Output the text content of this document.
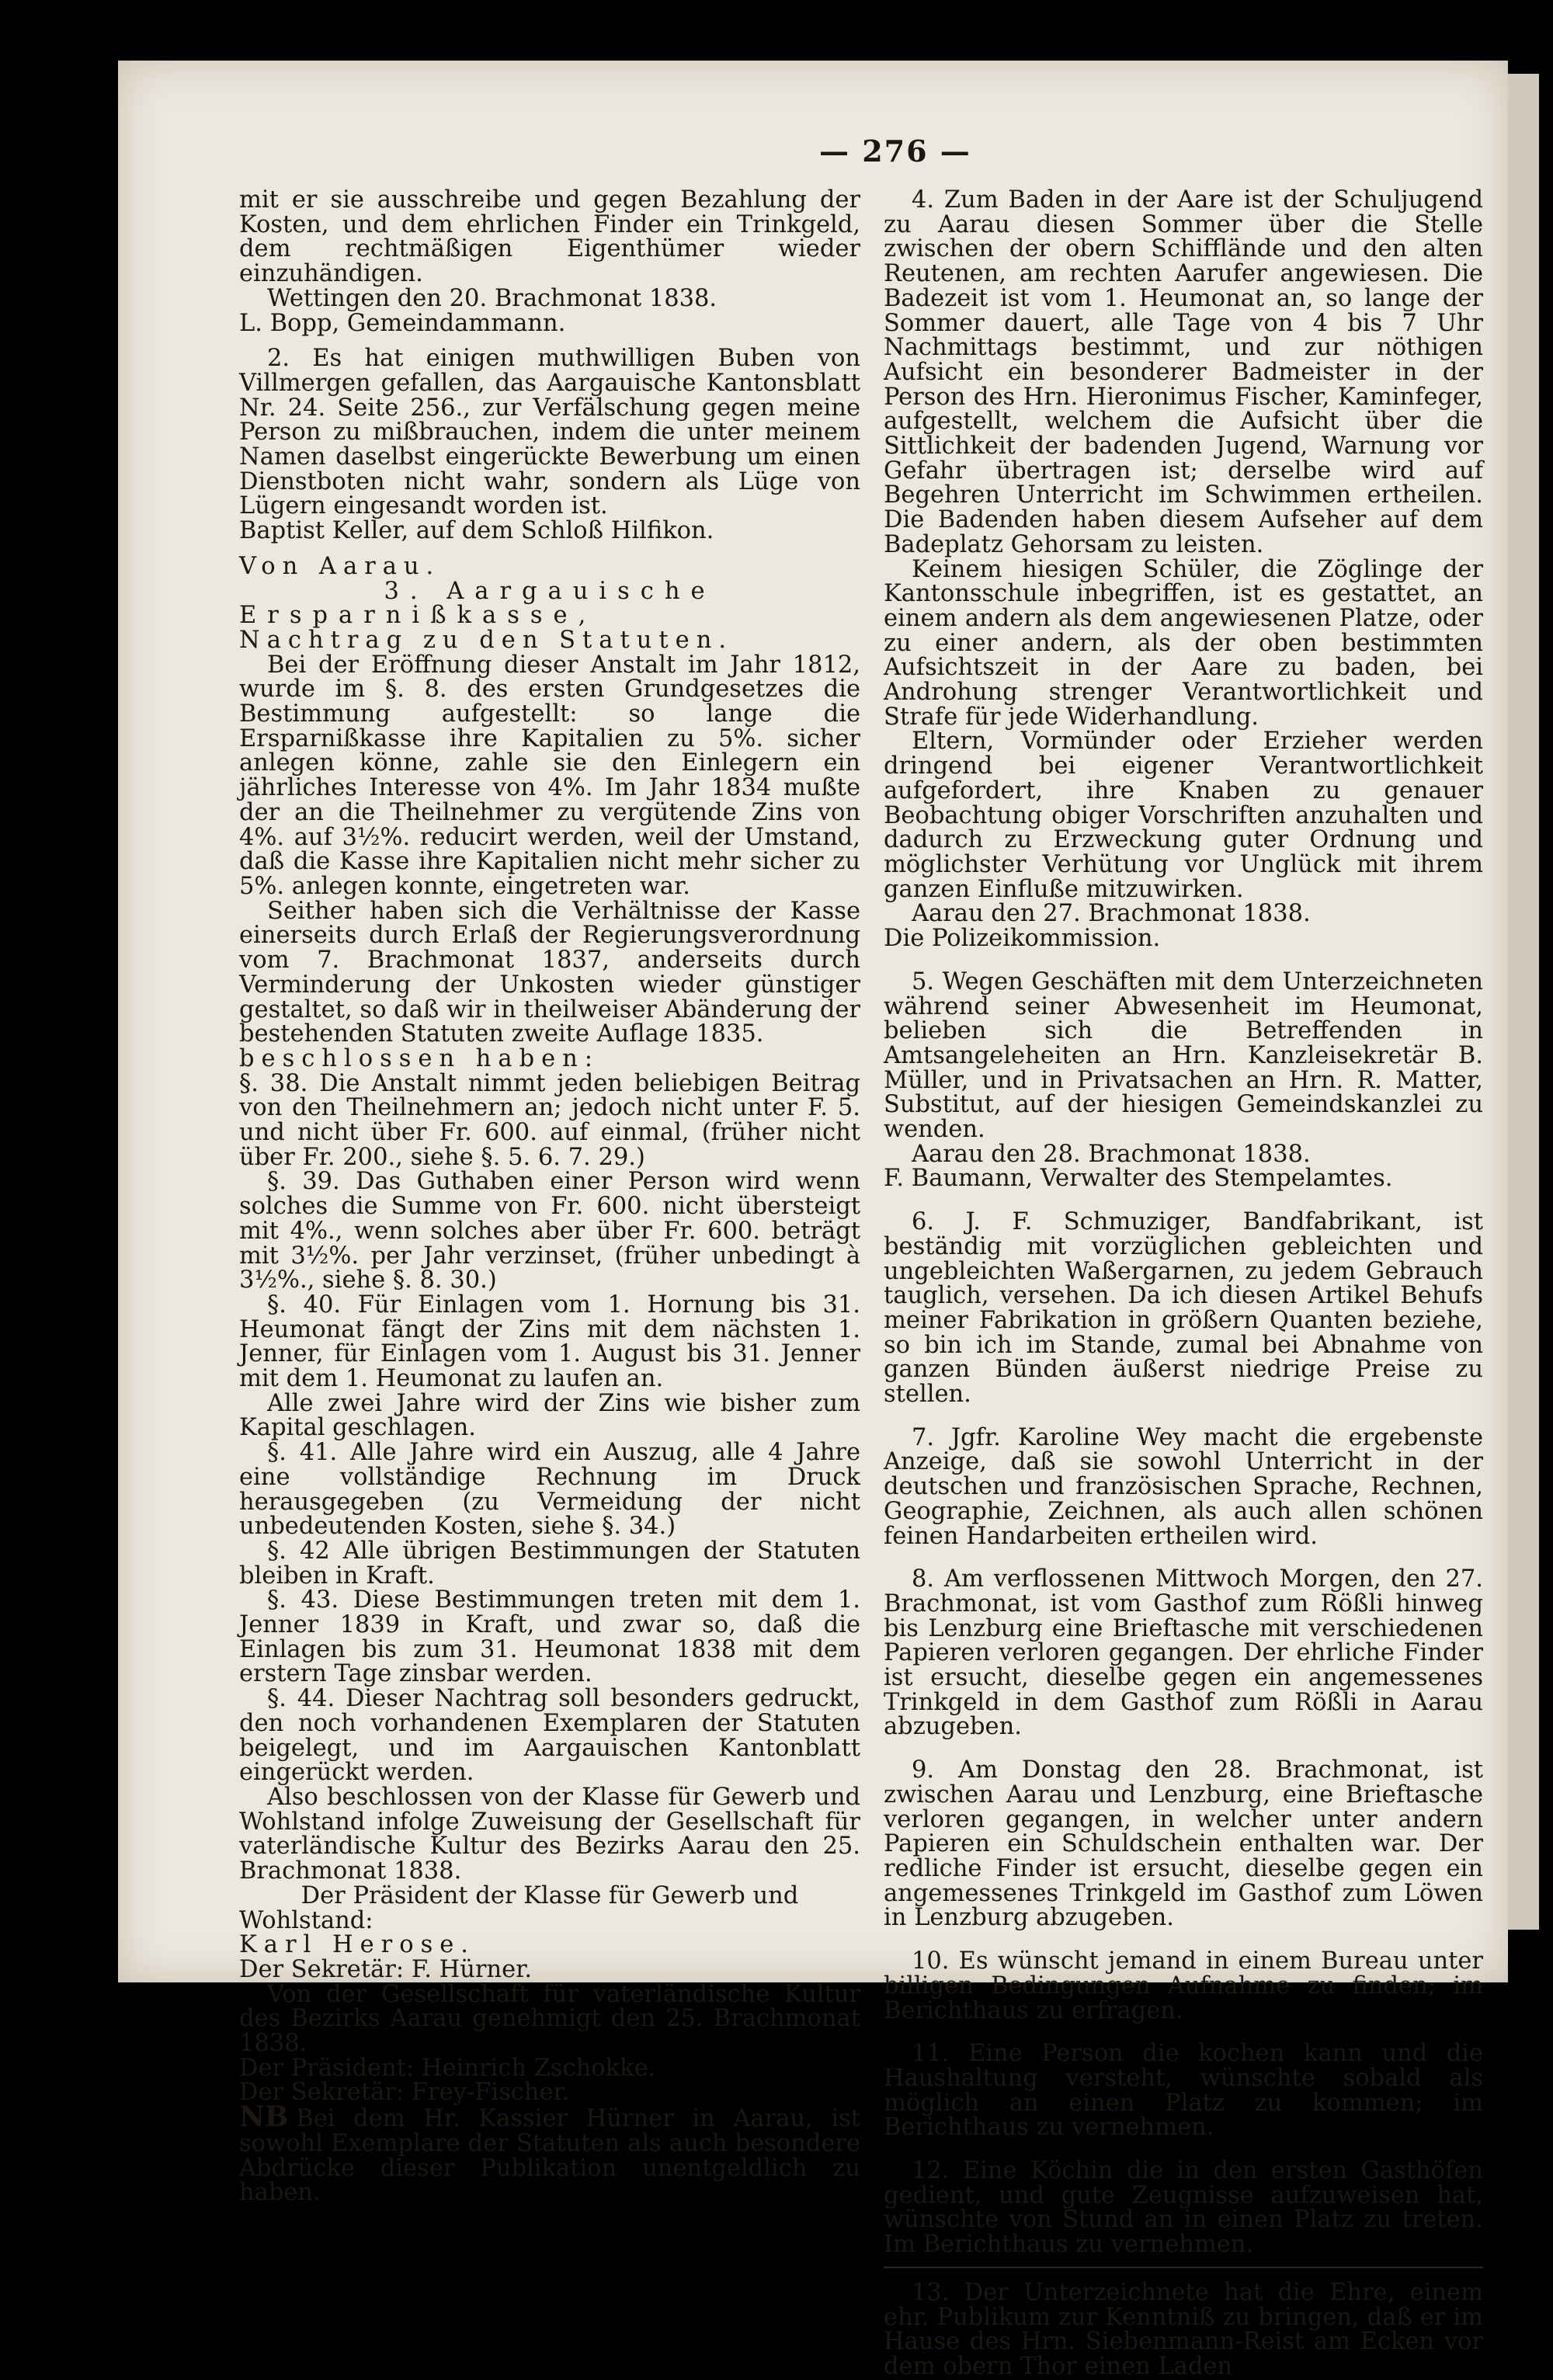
— 276 —

mit er sie ausschreibe und gegen Bezahlung der Kosten, und dem ehrlichen Finder ein Trinkgeld, dem rechtmäßigen Eigenthümer wieder einzuhändigen.

Wettingen den 20. Brachmonat 1838.

L. Bopp, Gemeindammann.

2. Es hat einigen muthwilligen Buben von Villmergen gefallen, das Aargauische Kantonsblatt Nr. 24. Seite 256., zur Verfälschung gegen meine Person zu mißbrauchen, indem die unter meinem Namen daselbst eingerückte Bewerbung um einen Dienstboten nicht wahr, sondern als Lüge von Lügern eingesandt worden ist.

Baptist Keller, auf dem Schloß Hilfikon.

Von Aarau.

3. Aargauische Ersparnißkasse,

Nachtrag zu den Statuten.

Bei der Eröffnung dieser Anstalt im Jahr 1812, wurde im §. 8. des ersten Grundgesetzes die Bestimmung aufgestellt: so lange die Ersparnißkasse ihre Kapitalien zu 5%. sicher anlegen könne, zahle sie den Einlegern ein jährliches Interesse von 4%. Im Jahr 1834 mußte der an die Theilnehmer zu vergütende Zins von 4%. auf 3½%. reducirt werden, weil der Umstand, daß die Kasse ihre Kapitalien nicht mehr sicher zu 5%. anlegen konnte, eingetreten war.

Seither haben sich die Verhältnisse der Kasse einerseits durch Erlaß der Regierungsverordnung vom 7. Brachmonat 1837, anderseits durch Verminderung der Unkosten wieder günstiger gestaltet, so daß wir in theilweiser Abänderung der bestehenden Statuten zweite Auflage 1835.

beschlossen haben:

§. 38. Die Anstalt nimmt jeden beliebigen Beitrag von den Theilnehmern an; jedoch nicht unter F. 5. und nicht über Fr. 600. auf einmal, (früher nicht über Fr. 200., siehe §. 5. 6. 7. 29.)

§. 39. Das Guthaben einer Person wird wenn solches die Summe von Fr. 600. nicht übersteigt mit 4%., wenn solches aber über Fr. 600. beträgt mit 3½%. per Jahr verzinset, (früher unbedingt à 3½%., siehe §. 8. 30.)

§. 40. Für Einlagen vom 1. Hornung bis 31. Heumonat fängt der Zins mit dem nächsten 1. Jenner, für Einlagen vom 1. August bis 31. Jenner mit dem 1. Heumonat zu laufen an.

Alle zwei Jahre wird der Zins wie bisher zum Kapital geschlagen.

§. 41. Alle Jahre wird ein Auszug, alle 4 Jahre eine vollständige Rechnung im Druck herausgegeben (zu Vermeidung der nicht unbedeutenden Kosten, siehe §. 34.)

§. 42 Alle übrigen Bestimmungen der Statuten bleiben in Kraft.

§. 43. Diese Bestimmungen treten mit dem 1. Jenner 1839 in Kraft, und zwar so, daß die Einlagen bis zum 31. Heumonat 1838 mit dem erstern Tage zinsbar werden.

§. 44. Dieser Nachtrag soll besonders gedruckt, den noch vorhandenen Exemplaren der Statuten beigelegt, und im Aargauischen Kantonblatt eingerückt werden.

Also beschlossen von der Klasse für Gewerb und Wohlstand infolge Zuweisung der Gesellschaft für vaterländische Kultur des Bezirks Aarau den 25. Brachmonat 1838.

Der Präsident der Klasse für Gewerb und Wohlstand:

Karl Herose.

Der Sekretär: F. Hürner.

Von der Gesellschaft für vaterländische Kultur des Bezirks Aarau genehmigt den 25. Brachmonat 1838.

Der Präsident: Heinrich Zschokke.

Der Sekretär: Frey-Fischer.

NB Bei dem Hr. Kassier Hürner in Aarau, ist sowohl Exemplare der Statuten als auch besondere Abdrücke dieser Publikation unentgeldlich zu haben.

4. Zum Baden in der Aare ist der Schuljugend zu Aarau diesen Sommer über die Stelle zwischen der obern Schifflände und den alten Reutenen, am rechten Aarufer angewiesen. Die Badezeit ist vom 1. Heumonat an, so lange der Sommer dauert, alle Tage von 4 bis 7 Uhr Nachmittags bestimmt, und zur nöthigen Aufsicht ein besonderer Badmeister in der Person des Hrn. Hieronimus Fischer, Kaminfeger, aufgestellt, welchem die Aufsicht über die Sittlichkeit der badenden Jugend, Warnung vor Gefahr übertragen ist; derselbe wird auf Begehren Unterricht im Schwimmen ertheilen. Die Badenden haben diesem Aufseher auf dem Badeplatz Gehorsam zu leisten.

Keinem hiesigen Schüler, die Zöglinge der Kantonsschule inbegriffen, ist es gestattet, an einem andern als dem angewiesenen Platze, oder zu einer andern, als der oben bestimmten Aufsichtszeit in der Aare zu baden, bei Androhung strenger Verantwortlichkeit und Strafe für jede Widerhandlung.

Eltern, Vormünder oder Erzieher werden dringend bei eigener Verantwortlichkeit aufgefordert, ihre Knaben zu genauer Beobachtung obiger Vorschriften anzuhalten und dadurch zu Erzweckung guter Ordnung und möglichster Verhütung vor Unglück mit ihrem ganzen Einfluße mitzuwirken.

Aarau den 27. Brachmonat 1838.

Die Polizeikommission.

5. Wegen Geschäften mit dem Unterzeichneten während seiner Abwesenheit im Heumonat, belieben sich die Betreffenden in Amtsangeleheiten an Hrn. Kanzleisekretär B. Müller, und in Privatsachen an Hrn. R. Matter, Substitut, auf der hiesigen Gemeindskanzlei zu wenden.

Aarau den 28. Brachmonat 1838.

F. Baumann, Verwalter des Stempelamtes.

6. J. F. Schmuziger, Bandfabrikant, ist beständig mit vorzüglichen gebleichten und ungebleichten Waßergarnen, zu jedem Gebrauch tauglich, versehen. Da ich diesen Artikel Behufs meiner Fabrikation in größern Quanten beziehe, so bin ich im Stande, zumal bei Abnahme von ganzen Bünden äußerst niedrige Preise zu stellen.

7. Jgfr. Karoline Wey macht die ergebenste Anzeige, daß sie sowohl Unterricht in der deutschen und französischen Sprache, Rechnen, Geographie, Zeichnen, als auch allen schönen feinen Handarbeiten ertheilen wird.

8. Am verflossenen Mittwoch Morgen, den 27. Brachmonat, ist vom Gasthof zum Rößli hinweg bis Lenzburg eine Brieftasche mit verschiedenen Papieren verloren gegangen. Der ehrliche Finder ist ersucht, dieselbe gegen ein angemessenes Trinkgeld in dem Gasthof zum Rößli in Aarau abzugeben.

9. Am Donstag den 28. Brachmonat, ist zwischen Aarau und Lenzburg, eine Brieftasche verloren gegangen, in welcher unter andern Papieren ein Schuldschein enthalten war. Der redliche Finder ist ersucht, dieselbe gegen ein angemessenes Trinkgeld im Gasthof zum Löwen in Lenzburg abzugeben.

10. Es wünscht jemand in einem Bureau unter billigen Bedingungen Aufnahme zu finden; im Berichthaus zu erfragen.

11. Eine Person die kochen kann und die Haushaltung versteht, wünschte sobald als möglich an einen Platz zu kommen; im Berichthaus zu vernehmen.

12. Eine Köchin die in den ersten Gasthöfen gedient, und gute Zeugnisse aufzuweisen hat, wünschte von Stund an in einen Platz zu treten. Im Berichthaus zu vernehmen.

13. Der Unterzeichnete hat die Ehre, einem ehr. Publikum zur Kenntniß zu bringen, daß er im Hause des Hrn. Siebenmann-Reist am Ecken vor dem obern Thor einen Laden
